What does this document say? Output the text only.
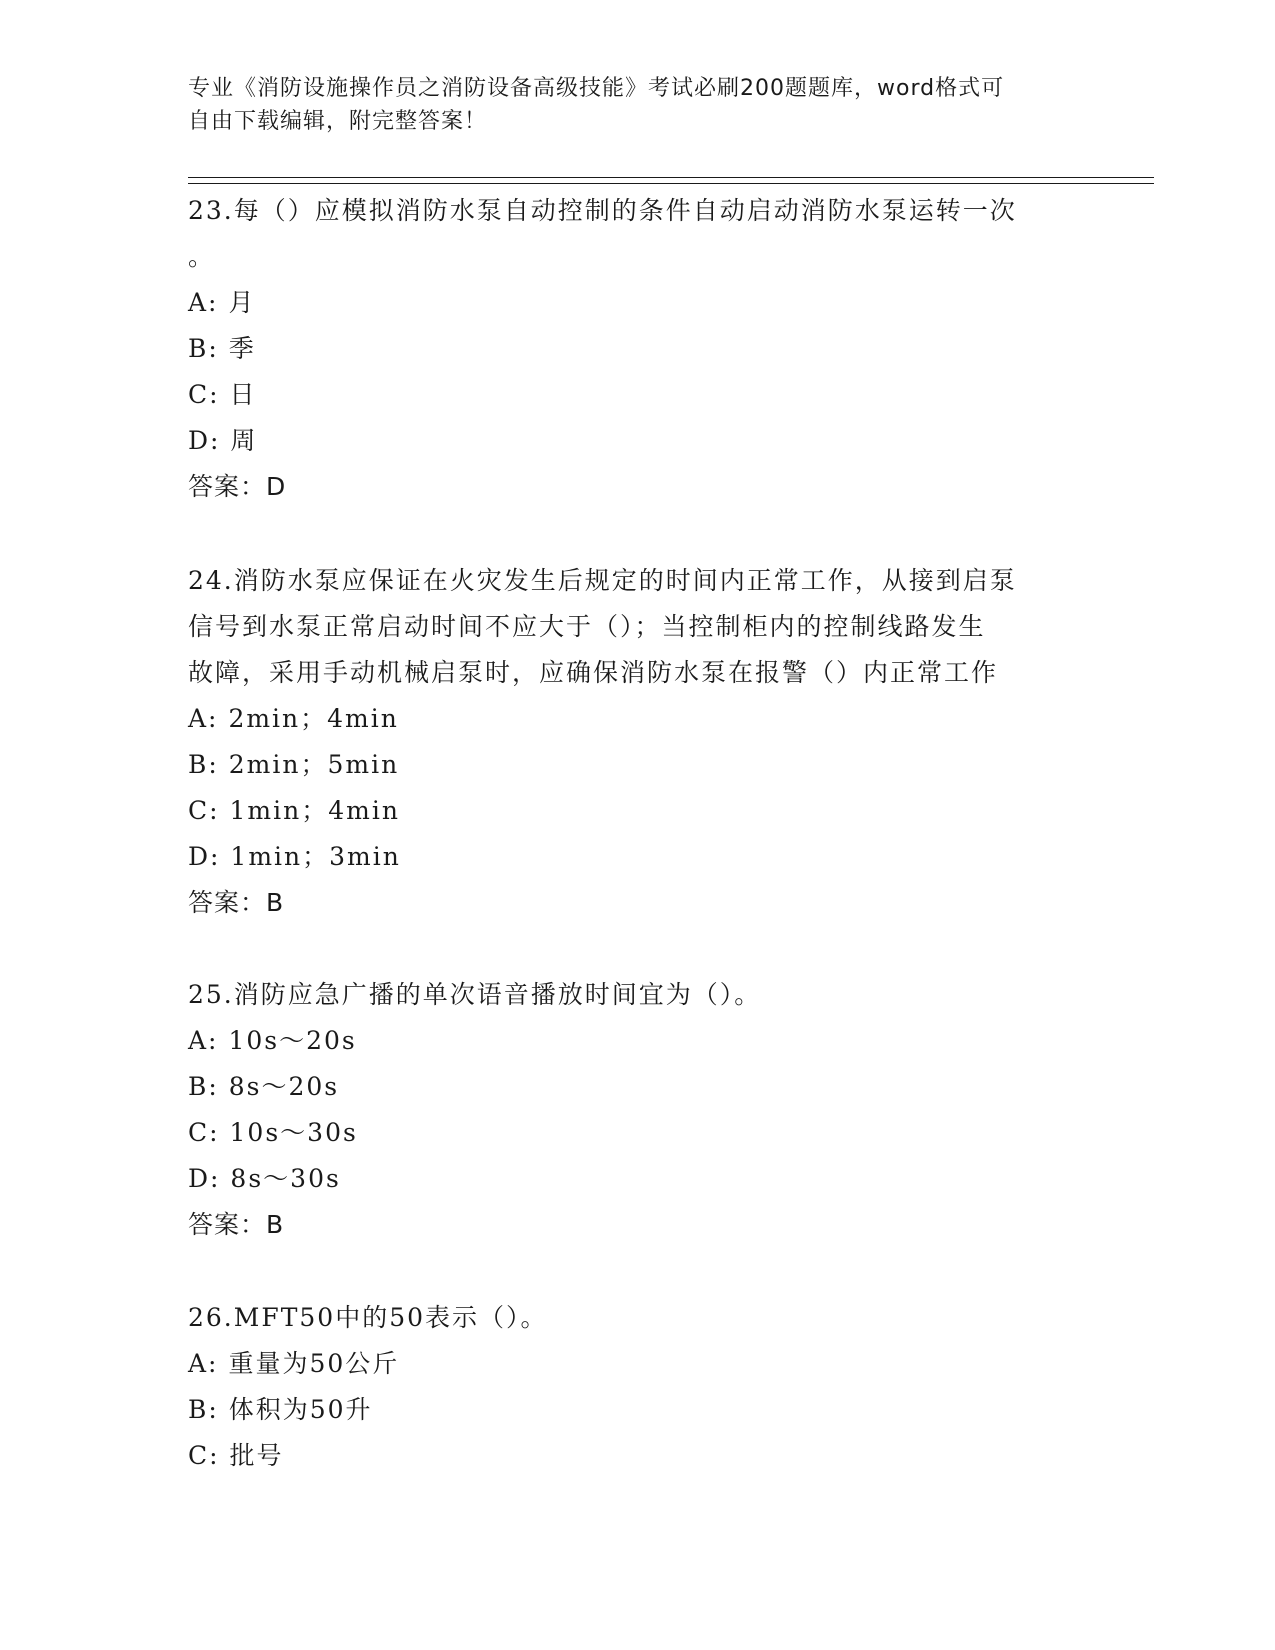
专业《消防设施操作员之消防设备高级技能》考试必刷200题题库，word格式可
自由下载编辑，附完整答案！
23.每（）应模拟消防水泵自动控制的条件自动启动消防水泵运转一次
。
A: 月
B: 季
C: 日
D: 周
答案：D
24.消防水泵应保证在火灾发生后规定的时间内正常工作，从接到启泵
信号到水泵正常启动时间不应大于（）；当控制柜内的控制线路发生
故障，采用手动机械启泵时，应确保消防水泵在报警（）内正常工作
A: 2min；4min
B: 2min；5min
C: 1min；4min
D: 1min；3min
答案：B
25.消防应急广播的单次语音播放时间宜为（）。
A: 10s～20s
B: 8s～20s
C: 10s～30s
D: 8s～30s
答案：B
26.MFT50中的50表示（）。
A: 重量为50公斤
B: 体积为50升
C: 批号
